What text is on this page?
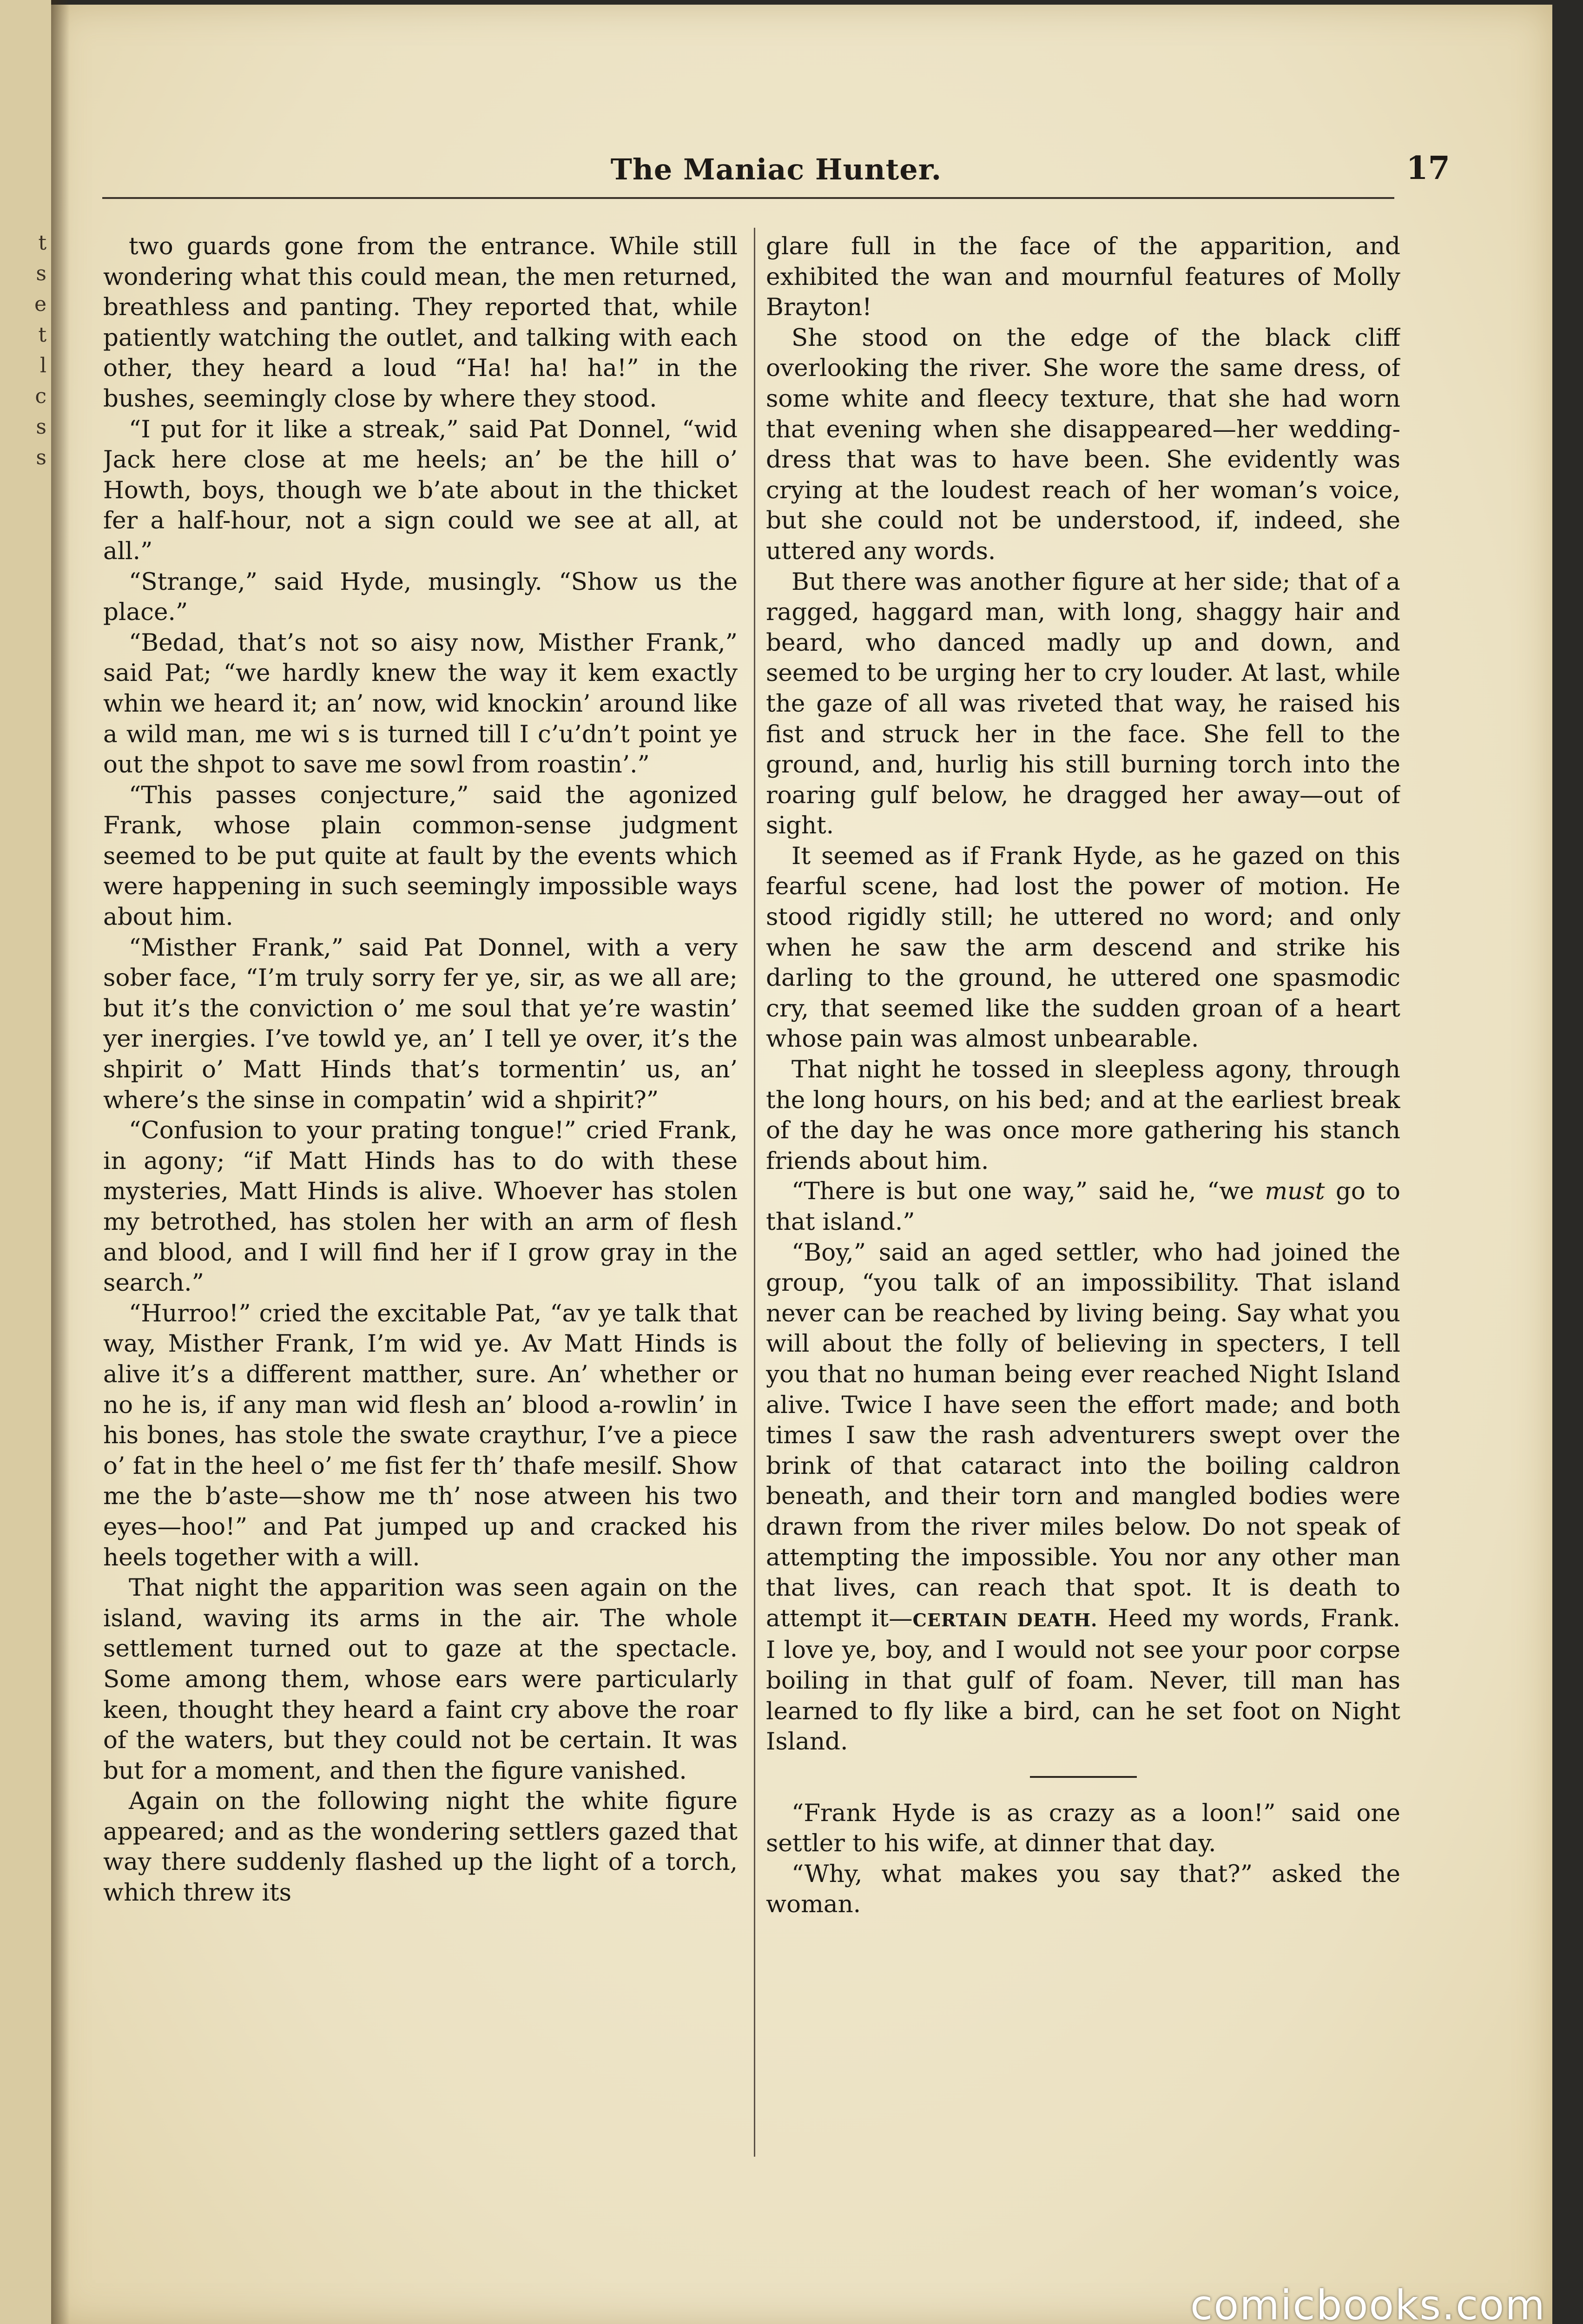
t
s
e
t
l
c
s
s
The Maniac Hunter.	17

two guards gone from the entrance. While still wondering what this could mean, the men returned, breathless and panting. They reported that, while patiently watching the outlet, and talking with each other, they heard a loud “Ha! ha! ha!” in the bushes, seemingly close by where they stood.

“I put for it like a streak,” said Pat Donnel, “wid Jack here close at me heels; an’ be the hill o’ Howth, boys, though we b’ate about in the thicket fer a half-hour, not a sign could we see at all, at all.”

“Strange,” said Hyde, musingly. “Show us the place.”

“Bedad, that’s not so aisy now, Misther Frank,” said Pat; “we hardly knew the way it kem exactly whin we heard it; an’ now, wid knockin’ around like a wild man, me wi s is turned till I c’u’dn’t point ye out the shpot to save me sowl from roastin’.”

“This passes conjecture,” said the agonized Frank, whose plain common-sense judgment seemed to be put quite at fault by the events which were happening in such seemingly impossible ways about him.

“Misther Frank,” said Pat Donnel, with a very sober face, “I’m truly sorry fer ye, sir, as we all are; but it’s the conviction o’ me soul that ye’re wastin’ yer inergies. I’ve towld ye, an’ I tell ye over, it’s the shpirit o’ Matt Hinds that’s tormentin’ us, an’ where’s the sinse in compatin’ wid a shpirit?”

“Confusion to your prating tongue!” cried Frank, in agony; “if Matt Hinds has to do with these mysteries, Matt Hinds is alive. Whoever has stolen my betrothed, has stolen her with an arm of flesh and blood, and I will find her if I grow gray in the search.”

“Hurroo!” cried the excitable Pat, “av ye talk that way, Misther Frank, I’m wid ye. Av Matt Hinds is alive it’s a different matther, sure. An’ whether or no he is, if any man wid flesh an’ blood a-rowlin’ in his bones, has stole the swate craythur, I’ve a piece o’ fat in the heel o’ me fist fer th’ thafe mesilf. Show me the b’aste—show me th’ nose atween his two eyes—hoo!” and Pat jumped up and cracked his heels together with a will.

That night the apparition was seen again on the island, waving its arms in the air. The whole settlement turned out to gaze at the spectacle. Some among them, whose ears were particularly keen, thought they heard a faint cry above the roar of the waters, but they could not be certain. It was but for a moment, and then the figure vanished.

Again on the following night the white figure appeared; and as the wondering settlers gazed that way there suddenly flashed up the light of a torch, which threw its

glare full in the face of the apparition, and exhibited the wan and mournful features of Molly Brayton!

She stood on the edge of the black cliff overlooking the river. She wore the same dress, of some white and fleecy texture, that she had worn that evening when she disappeared—her wedding-dress that was to have been. She evidently was crying at the loudest reach of her woman’s voice, but she could not be understood, if, indeed, she uttered any words.

But there was another figure at her side; that of a ragged, haggard man, with long, shaggy hair and beard, who danced madly up and down, and seemed to be urging her to cry louder. At last, while the gaze of all was riveted that way, he raised his fist and struck her in the face. She fell to the ground, and, hurlig his still burning torch into the roaring gulf below, he dragged her away—out of sight.

It seemed as if Frank Hyde, as he gazed on this fearful scene, had lost the power of motion. He stood rigidly still; he uttered no word; and only when he saw the arm descend and strike his darling to the ground, he uttered one spasmodic cry, that seemed like the sudden groan of a heart whose pain was almost unbearable.

That night he tossed in sleepless agony, through the long hours, on his bed; and at the earliest break of the day he was once more gathering his stanch friends about him.

“There is but one way,” said he, “we must go to that island.”

“Boy,” said an aged settler, who had joined the group, “you talk of an impossibility. That island never can be reached by living being. Say what you will about the folly of believing in specters, I tell you that no human being ever reached Night Island alive. Twice I have seen the effort made; and both times I saw the rash adventurers swept over the brink of that cataract into the boiling caldron beneath, and their torn and mangled bodies were drawn from the river miles below. Do not speak of attempting the impossible. You nor any other man that lives, can reach that spot. It is death to attempt it—CERTAIN DEATH. Heed my words, Frank. I love ye, boy, and I would not see your poor corpse boiling in that gulf of foam. Never, till man has learned to fly like a bird, can he set foot on Night Island.

“Frank Hyde is as crazy as a loon!” said one settler to his wife, at dinner that day.

“Why, what makes you say that?” asked the woman.

comicbooks.com
